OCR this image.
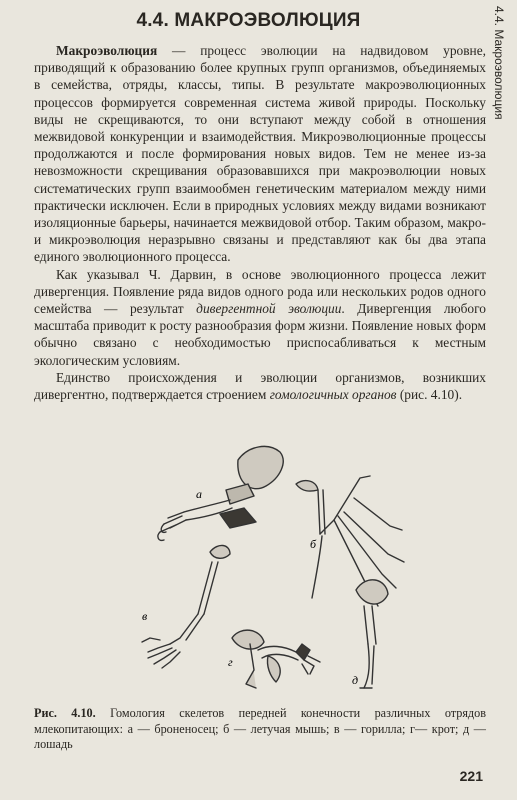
4.4. Макроэволюция
4.4. МАКРОЭВОЛЮЦИЯ

Макроэволюция — процесс эволюции на надвидовом уровне, приводящий к образованию более крупных групп организмов, объединяемых в семейства, отряды, классы, типы. В результате макроэволюционных процессов формируется современная система живой природы. Поскольку виды не скрещиваются, то они вступают между собой в отношения межвидовой конкуренции и взаимодействия. Микроэволюционные процессы продолжаются и после формирования новых видов. Тем не менее из-за невозможности скрещивания образовавшихся при макроэволюции новых систематических групп взаимообмен генетическим материалом между ними практически исключен. Если в природных условиях между видами возникают изоляционные барьеры, начинается межвидовой отбор. Таким образом, макро- и микроэволюция неразрывно связаны и представляют как бы два этапа единого эволюционного процесса.

Как указывал Ч. Дарвин, в основе эволюционного процесса лежит дивергенция. Появление ряда видов одного рода или нескольких родов одного семейства — результат дивергентной эволюции. Дивергенция любого масштаба приводит к росту разнообразия форм жизни. Появление новых форм обычно связано с необходимостью приспосабливаться к местным экологическим условиям.

Единство происхождения и эволюции организмов, возникших дивергентно, подтверждается строением гомологичных органов (рис. 4.10).

а
б
в
г
д
Рис. 4.10. Гомология скелетов передней конечности различных отрядов млекопитающих: а — броненосец; б — летучая мышь; в — горилла; г— крот; д — лошадь
221
